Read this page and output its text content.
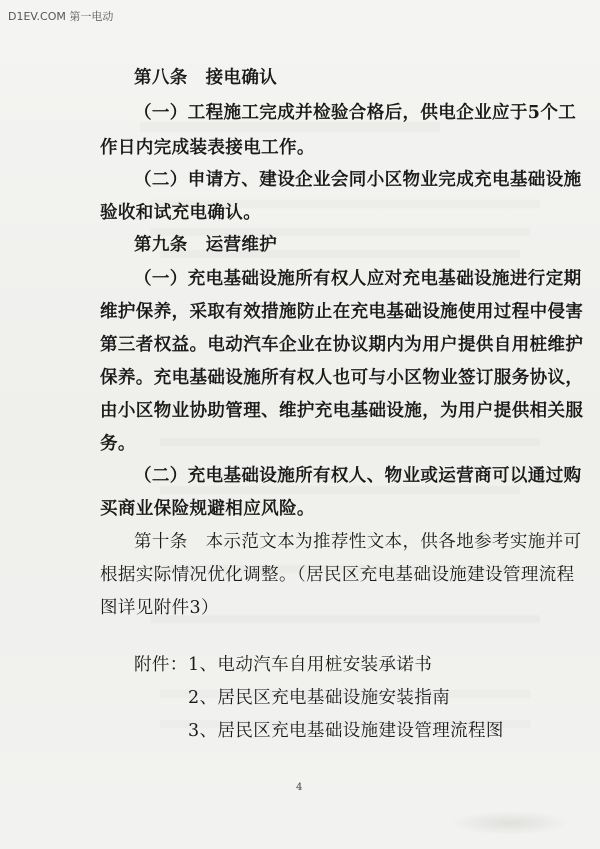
D1EV.COM 第一电动
第八条　接电确认
（一）工程施工完成并检验合格后，供电企业应于5个工
作日内完成装表接电工作。
（二）申请方、建设企业会同小区物业完成充电基础设施
验收和试充电确认。
第九条　运营维护
（一）充电基础设施所有权人应对充电基础设施进行定期
维护保养，采取有效措施防止在充电基础设施使用过程中侵害
第三者权益。电动汽车企业在协议期内为用户提供自用桩维护
保养。充电基础设施所有权人也可与小区物业签订服务协议，
由小区物业协助管理、维护充电基础设施，为用户提供相关服
务。
（二）充电基础设施所有权人、物业或运营商可以通过购
买商业保险规避相应风险。
第十条　本示范文本为推荐性文本，供各地参考实施并可
根据实际情况优化调整。（居民区充电基础设施建设管理流程
图详见附件3）
附件： 1、电动汽车自用桩安装承诺书
2、居民区充电基础设施安装指南
3、居民区充电基础设施建设管理流程图
4
